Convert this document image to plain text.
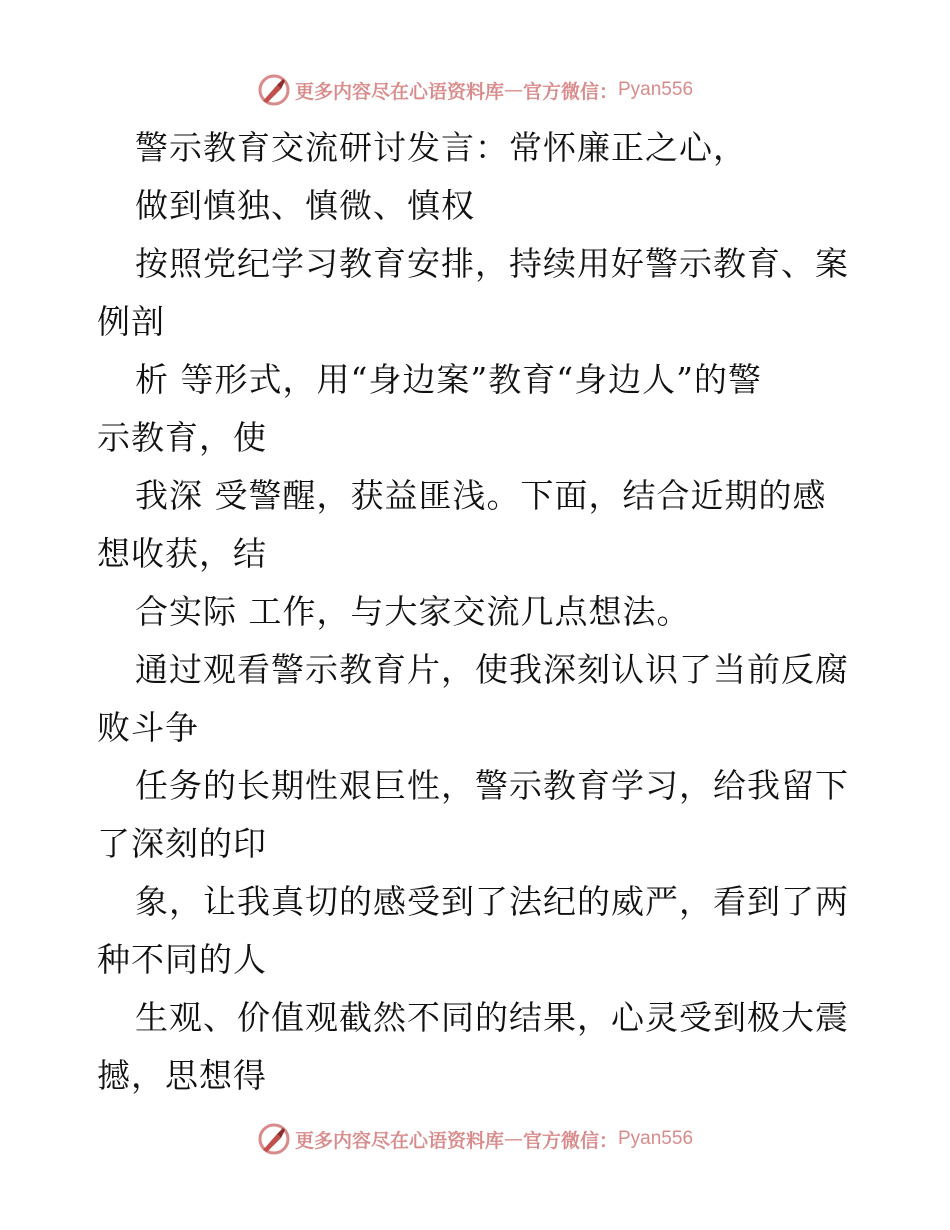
更多内容尽在心语资料库 — 官方微信： Pyan556
警示教育交流研讨发言：常怀廉正之心，
做到慎独、慎微、慎权
按照党纪学习教育安排，持续用好警示教育、案
例剖
析 等形式，用“身边案”教育“身边人”的警
示教育，使
我深 受警醒，获益匪浅。下面，结合近期的感
想收获，结
合实际 工作，与大家交流几点想法。
通过观看警示教育片，使我深刻认识了当前反腐
败斗争
任务的长期性艰巨性，警示教育学习，给我留下
了深刻的印
象，让我真切的感受到了法纪的威严，看到了两
种不同的人
生观、价值观截然不同的结果，心灵受到极大震
撼，思想得
更多内容尽在心语资料库 — 官方微信： Pyan556
